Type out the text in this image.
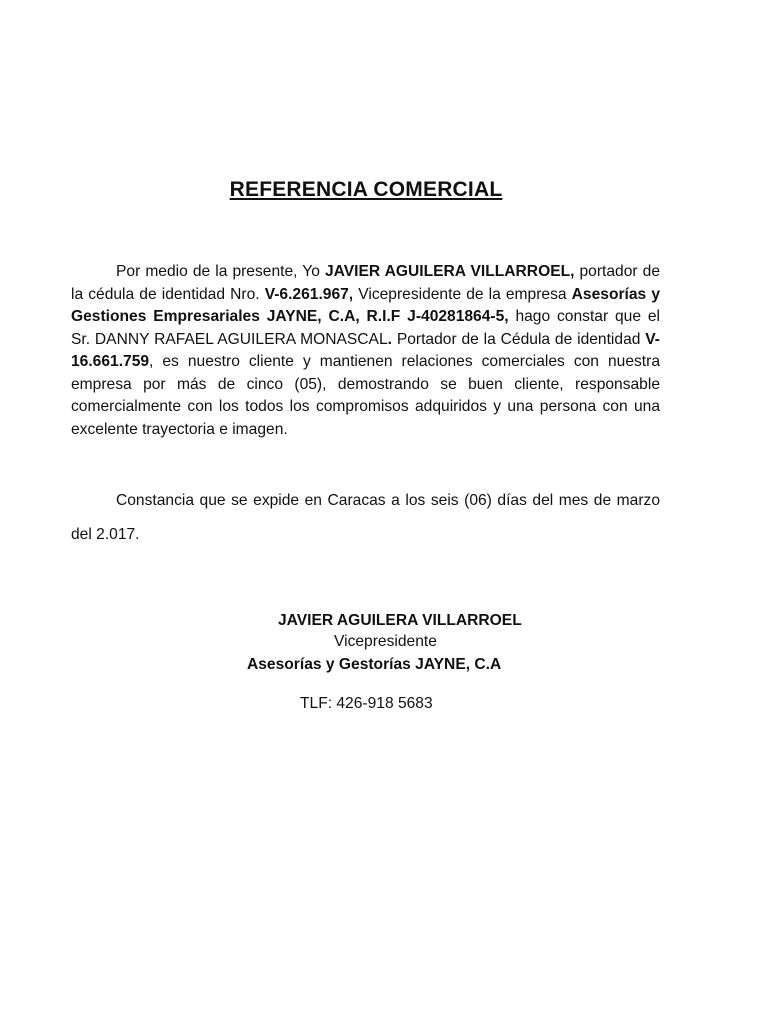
REFERENCIA COMERCIAL

Por medio de la presente, Yo JAVIER AGUILERA VILLARROEL, portador de la cédula de identidad Nro. V-6.261.967, Vicepresidente de la empresa Asesorías y Gestiones Empresariales JAYNE, C.A, R.I.F J-40281864-5, hago constar que el Sr. DANNY RAFAEL AGUILERA MONASCAL. Portador de la Cédula de identidad V-16.661.759, es nuestro cliente y mantienen relaciones comerciales con nuestra empresa por más de cinco (05), demostrando se buen cliente, responsable comercialmente con los todos los compromisos adquiridos y una persona con una excelente trayectoria e imagen.

Constancia que se expide en Caracas a los seis (06) días del mes de marzo del 2.017.

JAVIER AGUILERA VILLARROEL
Vicepresidente
Asesorías y Gestorías JAYNE, C.A
TLF: 426-918 5683
